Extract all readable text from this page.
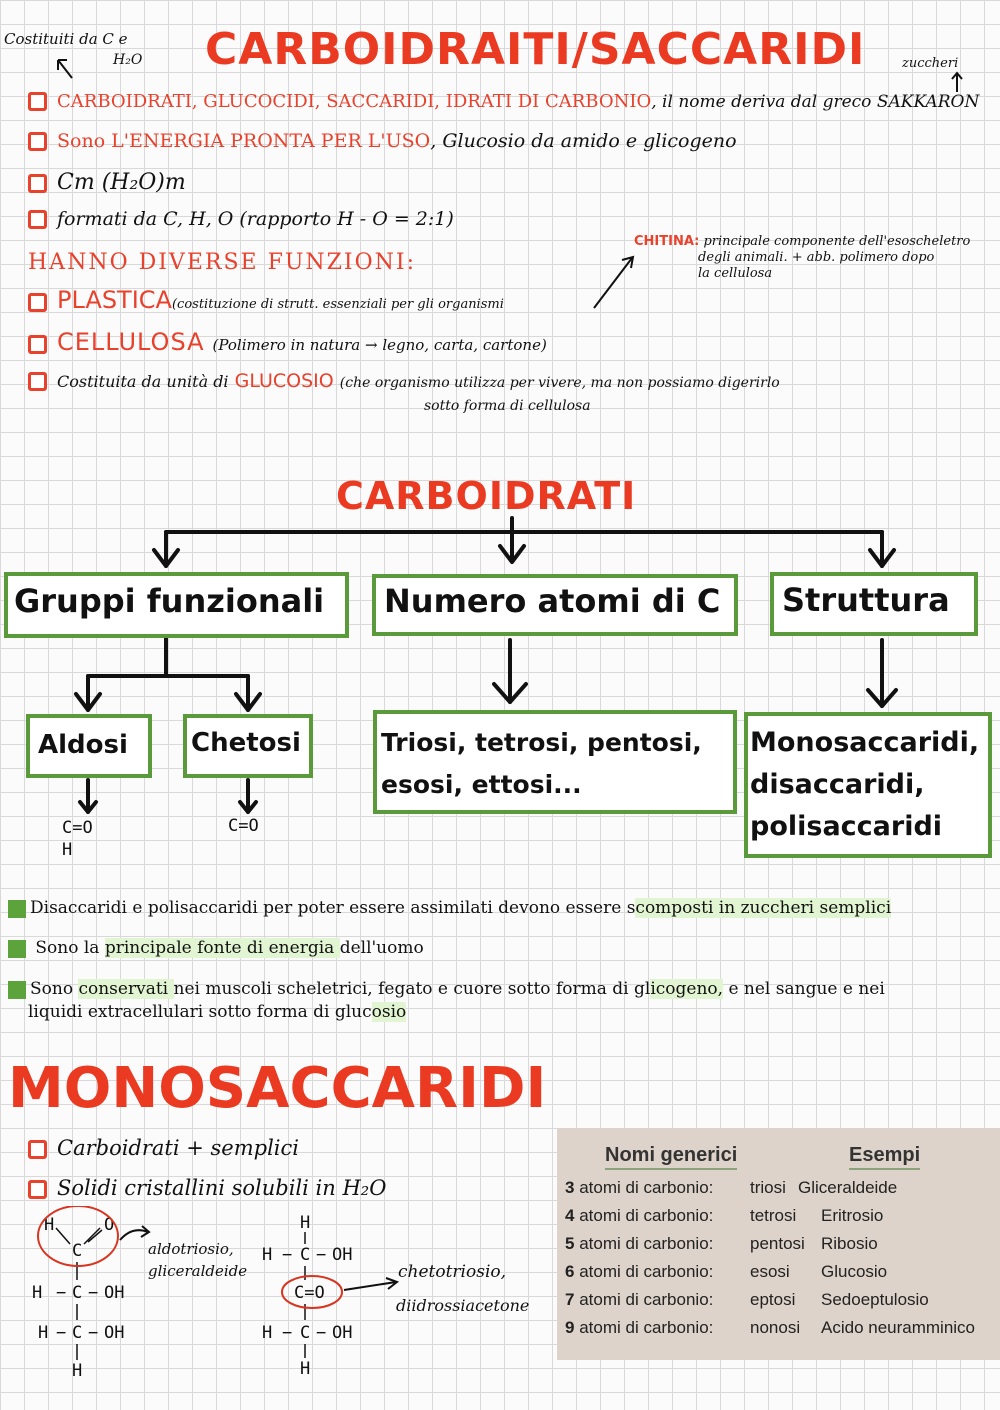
Costituiti da C e
H₂O CARBOIDRAITI/SACCARIDI	zuccheri
CARBOIDRATI, GLUCOCIDI, SACCARIDI, IDRATI DI CARBONIO, il nome deriva dal greco SAKKARON
Sono L'ENERGIA PRONTA PER L'USO, Glucosio da amido e glicogeno
Cm (H₂O)m
formati da C, H, O (rapporto H - O = 2:1)
HANNO DIVERSE FUNZIONI:
CHITINA: principale componente dell'esoscheletro
degli animali. + abb. polimero dopo
la cellulosa
PLASTICA(costituzione di strutt. essenziali per gli organismi
CELLULOSA (Polimero in natura → legno, carta, cartone)
Costituita da unità di GLUCOSIO (che organismo utilizza per vivere, ma non possiamo digerirlo
sotto forma di cellulosa
CARBOIDRATI
Gruppi funzionali	Numero atomi di C Struttura
Aldosi	Chetosi	Triosi, tetrosi, pentosi,
esosi, ettosi...
Monosaccaridi,
disaccaridi,
polisaccaridi
C=O
H
C=O
Disaccaridi e polisaccaridi per poter essere assimilati devono essere scomposti in zuccheri semplici
Sono la principale fonte di energia dell'uomo
Sono conservati nei muscoli scheletrici, fegato e cuore sotto forma di glicogeno, e nel sangue e nei
liquidi extracellulari sotto forma di glucosio
MONOSACCARIDI
Carboidrati + semplici
Solidi cristallini solubili in H₂O
H	O
C
H − C − OH
H − C − OH
H
aldotriosio,
gliceraldeide
H
H − C − OH
C=O
H − C − OH
H
chetotriosio,
diidrossiacetone
Nomi generici	Esempi
3 atomi di carbonio: triosi Gliceraldeide
4 atomi di carbonio: tetrosi Eritrosio
5 atomi di carbonio: pentosi Ribosio
6 atomi di carbonio: esosi Glucosio
7 atomi di carbonio: eptosi Sedoeptulosio
9 atomi di carbonio: nonosi Acido neuramminico
